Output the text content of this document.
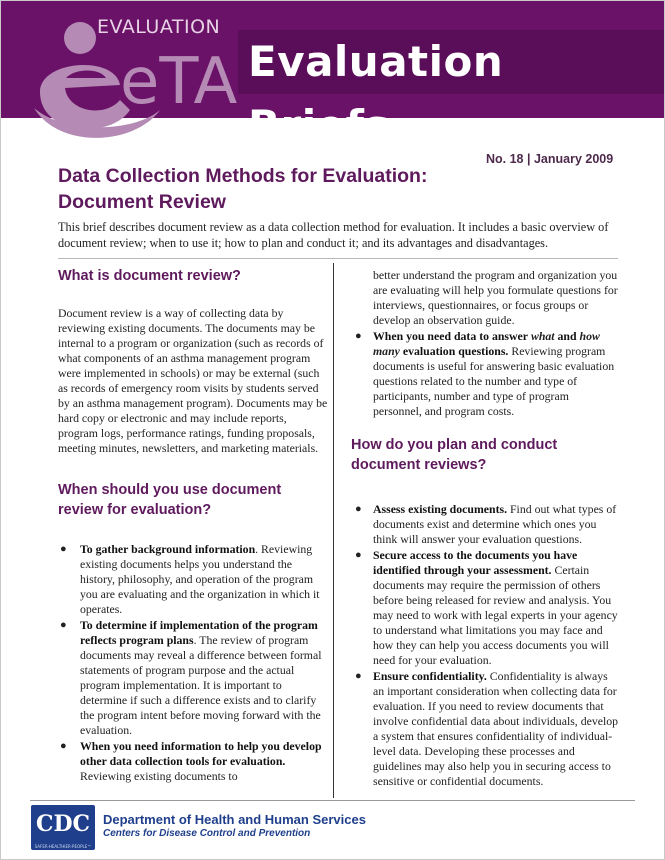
eTA
EVALUATION
Evaluation Briefs
No. 18 | January 2009
Data Collection Methods for Evaluation:
Document Review

This brief describes document review as a data collection method for evaluation. It includes a basic overview of document review; when to use it; how to plan and conduct it; and its advantages and disadvantages.

What is document review?

Document review is a way of collecting data by reviewing existing documents. The documents may be internal to a program or organization (such as records of what components of an asthma management program were implemented in schools) or may be external (such as records of emergency room visits by students served by an asthma management program). Documents may be hard copy or electronic and may include reports, program logs, performance ratings, funding proposals, meeting minutes, newsletters, and marketing materials.

When should you use document review for evaluation?
● To gather background information. Reviewing existing documents helps you understand the history, philosophy, and operation of the program you are evaluating and the organization in which it operates.
● To determine if implementation of the program reflects program plans. The review of program documents may reveal a difference between formal statements of program purpose and the actual program implementation. It is important to determine if such a difference exists and to clarify the program intent before moving forward with the evaluation.
● When you need information to help you develop other data collection tools for evaluation. Reviewing existing documents to

better understand the program and organization you are evaluating will help you formulate questions for interviews, questionnaires, or focus groups or develop an observation guide.

● When you need data to answer what and how many evaluation questions. Reviewing program documents is useful for answering basic evaluation questions related to the number and type of participants, number and type of program personnel, and program costs.
How do you plan and conduct document reviews?
● Assess existing documents. Find out what types of documents exist and determine which ones you think will answer your evaluation questions.
● Secure access to the documents you have identified through your assessment. Certain documents may require the permission of others before being released for review and analysis. You may need to work with legal experts in your agency to understand what limitations you may face and how they can help you access documents you will need for your evaluation.
● Ensure confidentiality. Confidentiality is always an important consideration when collecting data for evaluation. If you need to review documents that involve confidential data about individuals, develop a system that ensures confidentiality of individual-level data. Developing these processes and guidelines may also help you in securing access to sensitive or confidential documents.
CDC
SAFER·HEALTHIER·PEOPLE™
Department of Health and Human Services
Centers for Disease Control and Prevention
